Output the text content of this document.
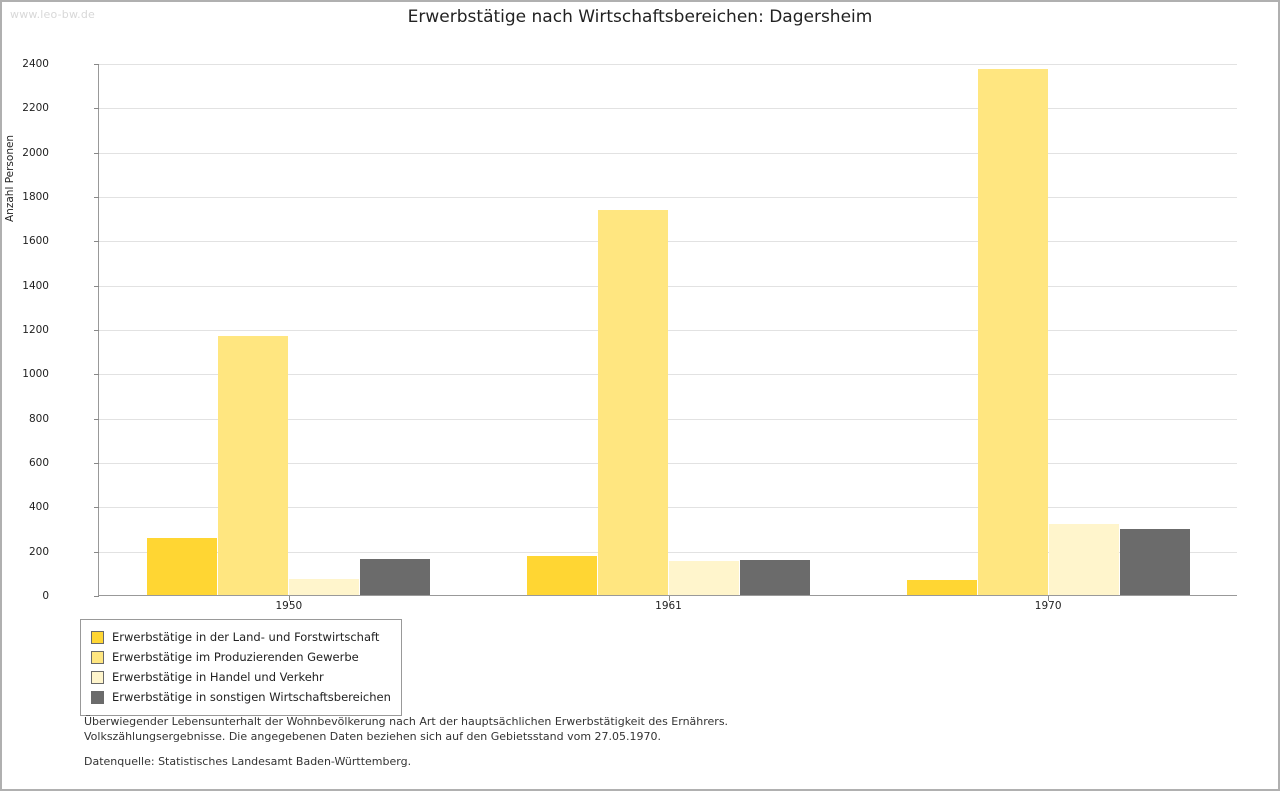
www.leo-bw.de	Erwerbstätige nach Wirtschaftsbereichen: Dagersheim
Anzahl Personen
0
200
400
600
800
1000
1200
1400
1600
1800
2000
2200
2400
1950	1961	1970
Erwerbstätige in der Land- und Forstwirtschaft
Erwerbstätige im Produzierenden Gewerbe
Erwerbstätige in Handel und Verkehr
Erwerbstätige in sonstigen Wirtschaftsbereichen
Überwiegender Lebensunterhalt der Wohnbevölkerung nach Art der hauptsächlichen Erwerbstätigkeit des Ernährers.
Volkszählungsergebnisse. Die angegebenen Daten beziehen sich auf den Gebietsstand vom 27.05.1970.
Datenquelle: Statistisches Landesamt Baden-Württemberg.
